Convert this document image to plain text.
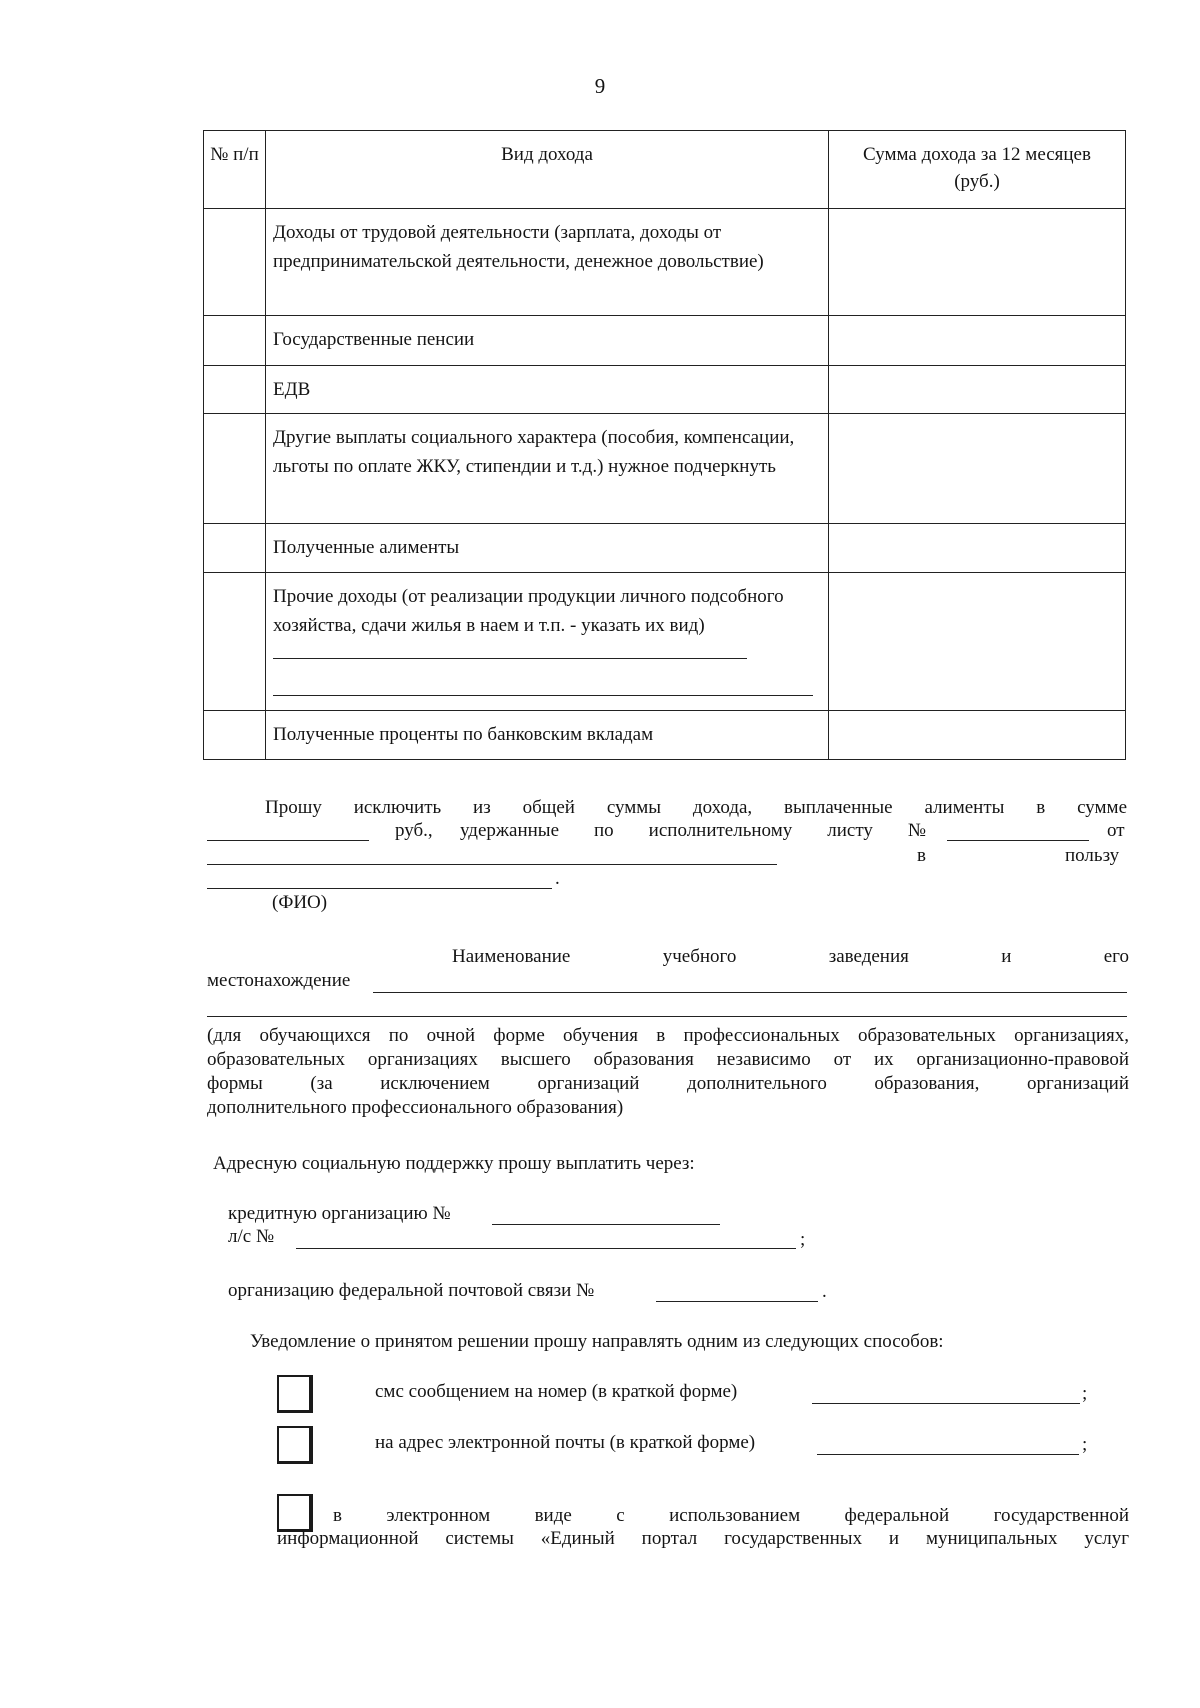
9
№ п/п	Вид дохода	Сумма дохода за 12 месяцев (руб.)

	Доходы от трудовой деятельности (зарплата, доходы от предпринимательской деятельности, денежное довольствие)	

	Государственные пенсии	

	ЕДВ	

	Другие выплаты социального характера (пособия, компенсации, льготы по оплате ЖКУ, стипендии и т.д.) нужное подчеркнуть	

	Полученные алименты	

	Прочие доходы (от реализации продукции личного подсобного хозяйства, сдачи жилья в наем и т.п. - указать их вид)	

	Полученные проценты по банковским вкладам	

Прошу исключить из общей суммы дохода, выплаченные алименты в сумме
руб., удержанные по исполнительному листу №	от
в	пользу
.
(ФИО)
Наименование	учебного	заведения	и	его
местонахождение
(для обучающихся по очной форме обучения в профессиональных образовательных организациях,
образовательных организациях высшего образования независимо от их организационно-правовой
формы	(за	исключением	организаций	дополнительного	образования,	организаций
дополнительного профессионального образования)
Адресную социальную поддержку прошу выплатить через:
кредитную организацию №
л/с №	;
организацию федеральной почтовой связи №	.
Уведомление о принятом решении прошу направлять одним из следующих способов:
смс сообщением на номер (в краткой форме)	;
на адрес электронной почты (в краткой форме)	;
в электронном виде с использованием федеральной государственной
информационной системы «Единый портал государственных и муниципальных услуг
